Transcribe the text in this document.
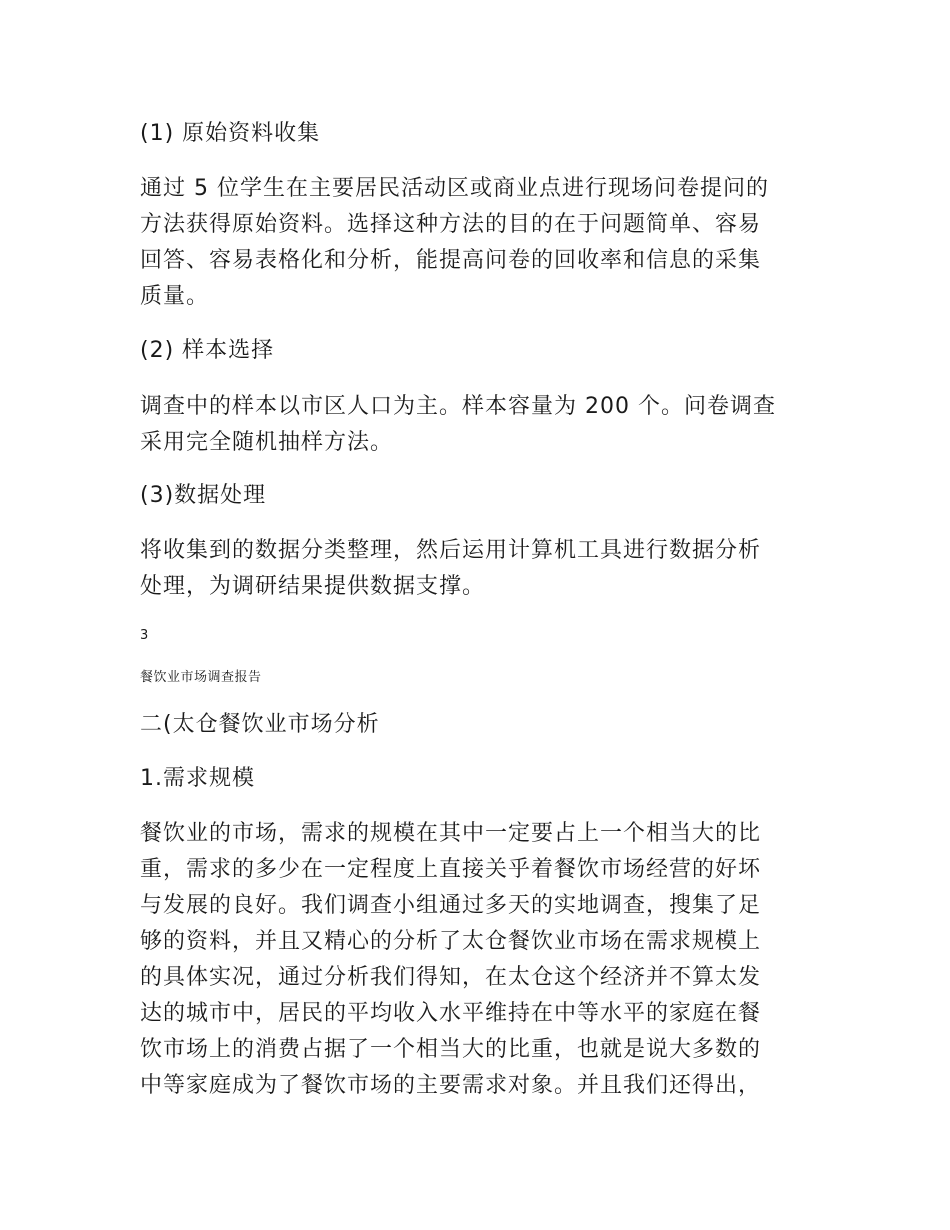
(1) 原始资料收集
通过 5 位学生在主要居民活动区或商业点进行现场问卷提问的
方法获得原始资料。选择这种方法的目的在于问题简单、容易
回答、容易表格化和分析，能提高问卷的回收率和信息的采集
质量。
(2) 样本选择
调查中的样本以市区人口为主。样本容量为 200 个。问卷调查
采用完全随机抽样方法。
(3)数据处理
将收集到的数据分类整理，然后运用计算机工具进行数据分析
处理，为调研结果提供数据支撑。
3
餐饮业市场调查报告
二(太仓餐饮业市场分析
1.需求规模
餐饮业的市场，需求的规模在其中一定要占上一个相当大的比
重，需求的多少在一定程度上直接关乎着餐饮市场经营的好坏
与发展的良好。我们调查小组通过多天的实地调查，搜集了足
够的资料，并且又精心的分析了太仓餐饮业市场在需求规模上
的具体实况，通过分析我们得知，在太仓这个经济并不算太发
达的城市中，居民的平均收入水平维持在中等水平的家庭在餐
饮市场上的消费占据了一个相当大的比重，也就是说大多数的
中等家庭成为了餐饮市场的主要需求对象。并且我们还得出，
